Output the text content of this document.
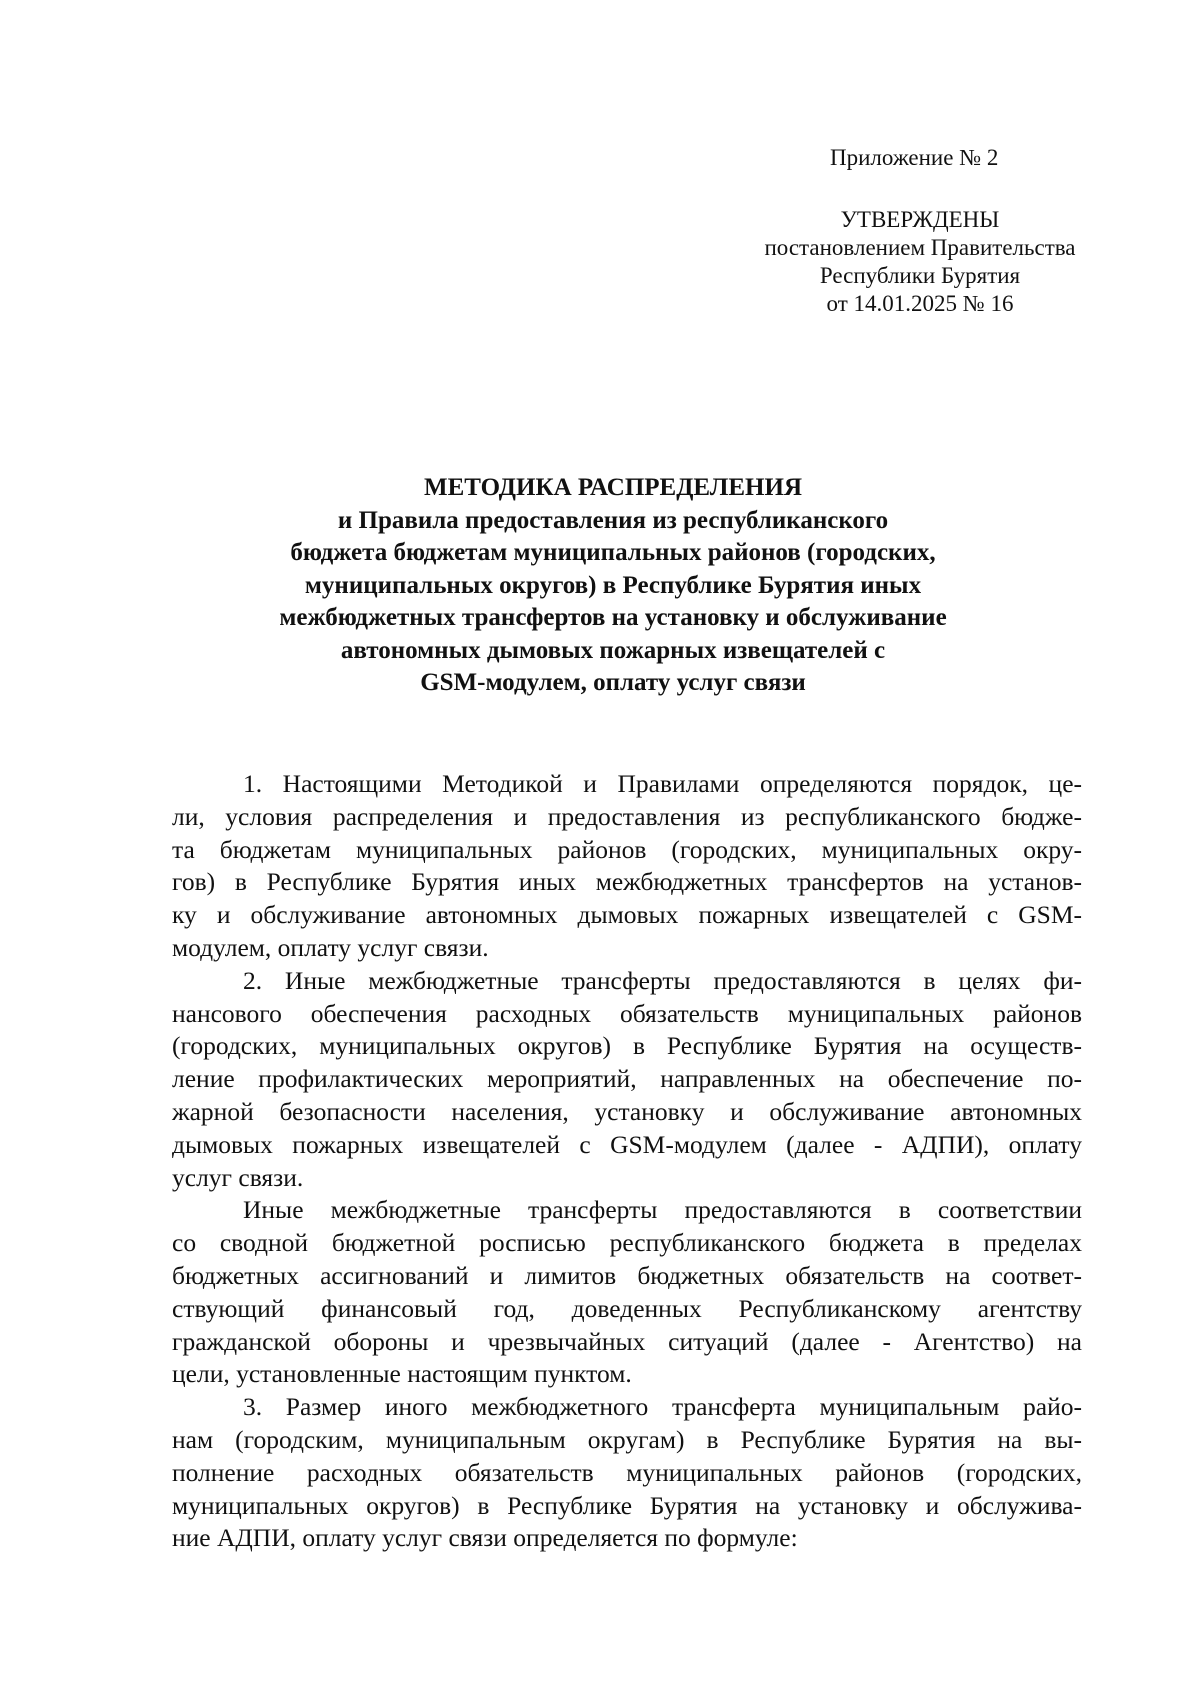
Приложение № 2
УТВЕРЖДЕНЫ
постановлением Правительства
Республики Бурятия
от 14.01.2025 № 16
МЕТОДИКА РАСПРЕДЕЛЕНИЯ
и Правила предоставления из республиканского
бюджета бюджетам муниципальных районов (городских,
муниципальных округов) в Республике Бурятия иных
межбюджетных трансфертов на установку и обслуживание
автономных дымовых пожарных извещателей с
GSM-модулем, оплату услуг связи
1. Настоящими Методикой и Правилами определяются порядок, це-
ли, условия распределения и предоставления из республиканского бюдже-
та бюджетам муниципальных районов (городских, муниципальных окру-
гов) в Республике Бурятия иных межбюджетных трансфертов на установ-
ку и обслуживание автономных дымовых пожарных извещателей с GSM-
модулем, оплату услуг связи.
2. Иные межбюджетные трансферты предоставляются в целях фи-
нансового обеспечения расходных обязательств муниципальных районов
(городских, муниципальных округов) в Республике Бурятия на осуществ-
ление профилактических мероприятий, направленных на обеспечение по-
жарной безопасности населения, установку и обслуживание автономных
дымовых пожарных извещателей с GSM-модулем (далее - АДПИ), оплату
услуг связи.
Иные межбюджетные трансферты предоставляются в соответствии
со сводной бюджетной росписью республиканского бюджета в пределах
бюджетных ассигнований и лимитов бюджетных обязательств на соответ-
ствующий финансовый год, доведенных Республиканскому агентству
гражданской обороны и чрезвычайных ситуаций (далее - Агентство) на
цели, установленные настоящим пунктом.
3. Размер иного межбюджетного трансферта муниципальным райо-
нам (городским, муниципальным округам) в Республике Бурятия на вы-
полнение расходных обязательств муниципальных районов (городских,
муниципальных округов) в Республике Бурятия на установку и обслужива-
ние АДПИ, оплату услуг связи определяется по формуле:
